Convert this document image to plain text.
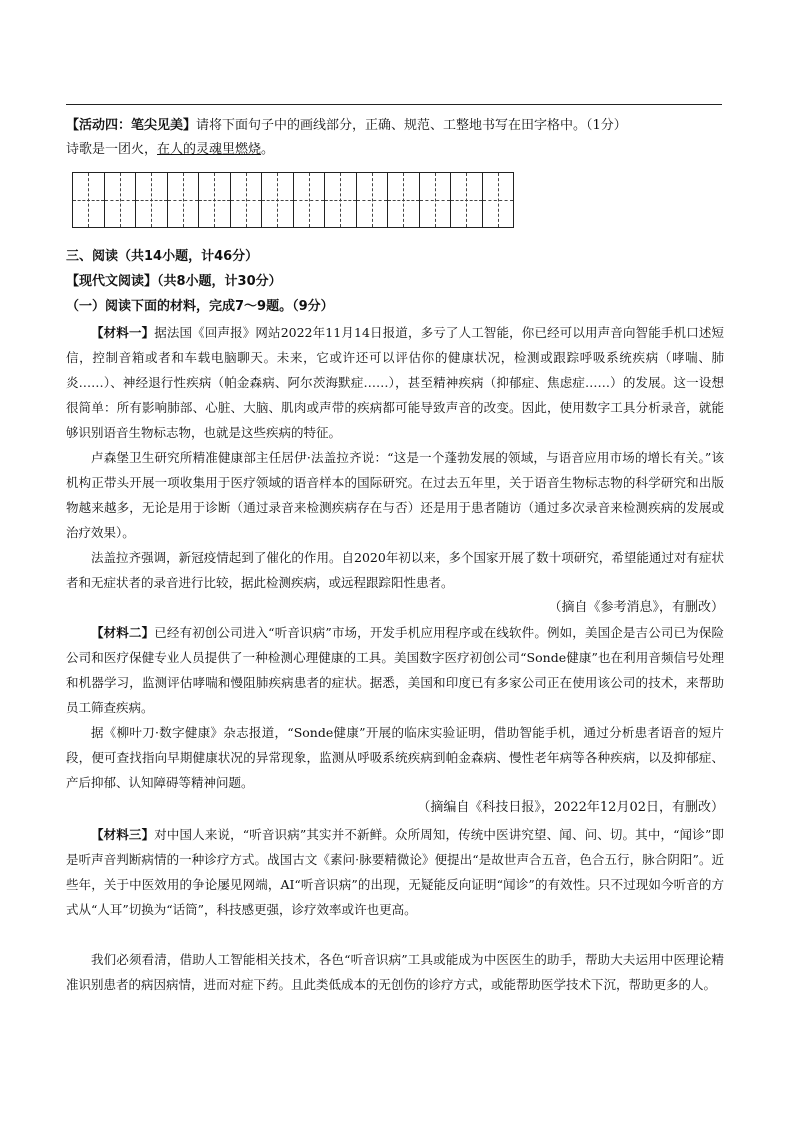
【活动四：笔尖见美】请将下面句子中的画线部分，正确、规范、工整地书写在田字格中。（1分）
诗歌是一团火，在人的灵魂里燃烧。
三、阅读（共14小题，计46分）
【现代文阅读】（共8小题，计30分）
（一）阅读下面的材料，完成7～9题。（9分）
【材料一】据法国《回声报》网站2022年11月14日报道，多亏了人工智能，你已经可以用声音向智能手机口述短信，控制音箱或者和车载电脑聊天。未来，它或许还可以评估你的健康状况，检测或跟踪呼吸系统疾病（哮喘、肺炎……）、神经退行性疾病（帕金森病、阿尔茨海默症……），甚至精神疾病（抑郁症、焦虑症……）的发展。这一设想很简单：所有影响肺部、心脏、大脑、肌肉或声带的疾病都可能导致声音的改变。因此，使用数字工具分析录音，就能够识别语音生物标志物，也就是这些疾病的特征。
卢森堡卫生研究所精准健康部主任居伊·法盖拉齐说：“这是一个蓬勃发展的领域，与语音应用市场的增长有关。”该机构正带头开展一项收集用于医疗领域的语音样本的国际研究。在过去五年里，关于语音生物标志物的科学研究和出版物越来越多，无论是用于诊断（通过录音来检测疾病存在与否）还是用于患者随访（通过多次录音来检测疾病的发展或治疗效果）。
法盖拉齐强调，新冠疫情起到了催化的作用。自2020年初以来，多个国家开展了数十项研究，希望能通过对有症状者和无症状者的录音进行比较，据此检测疾病，或远程跟踪阳性患者。
（摘自《参考消息》，有删改）
【材料二】已经有初创公司进入“听音识病”市场，开发手机应用程序或在线软件。例如，美国企是吉公司已为保险公司和医疗保健专业人员提供了一种检测心理健康的工具。美国数字医疗初创公司“Sonde健康”也在利用音频信号处理和机器学习，监测评估哮喘和慢阻肺疾病患者的症状。据悉，美国和印度已有多家公司正在使用该公司的技术，来帮助员工筛查疾病。
据《柳叶刀·数字健康》杂志报道，“Sonde健康”开展的临床实验证明，借助智能手机，通过分析患者语音的短片段，便可查找指向早期健康状况的异常现象，监测从呼吸系统疾病到帕金森病、慢性老年病等各种疾病，以及抑郁症、产后抑郁、认知障碍等精神问题。
（摘编自《科技日报》，2022年12月02日，有删改）
【材料三】对中国人来说，“听音识病”其实并不新鲜。众所周知，传统中医讲究望、闻、问、切。其中，“闻诊”即是听声音判断病情的一种诊疗方式。战国古文《素问·脉要精微论》便提出“是故世声合五音，色合五行，脉合阴阳”。近些年，关于中医效用的争论屡见网端，AI“听音识病”的出现，无疑能反向证明“闻诊”的有效性。只不过现如今听音的方式从“人耳”切换为“话筒”，科技感更强，诊疗效率或许也更高。
我们必须看清，借助人工智能相关技术，各色“听音识病”工具或能成为中医医生的助手，帮助大夫运用中医理论精准识别患者的病因病情，进而对症下药。且此类低成本的无创伤的诊疗方式，或能帮助医学技术下沉，帮助更多的人。
